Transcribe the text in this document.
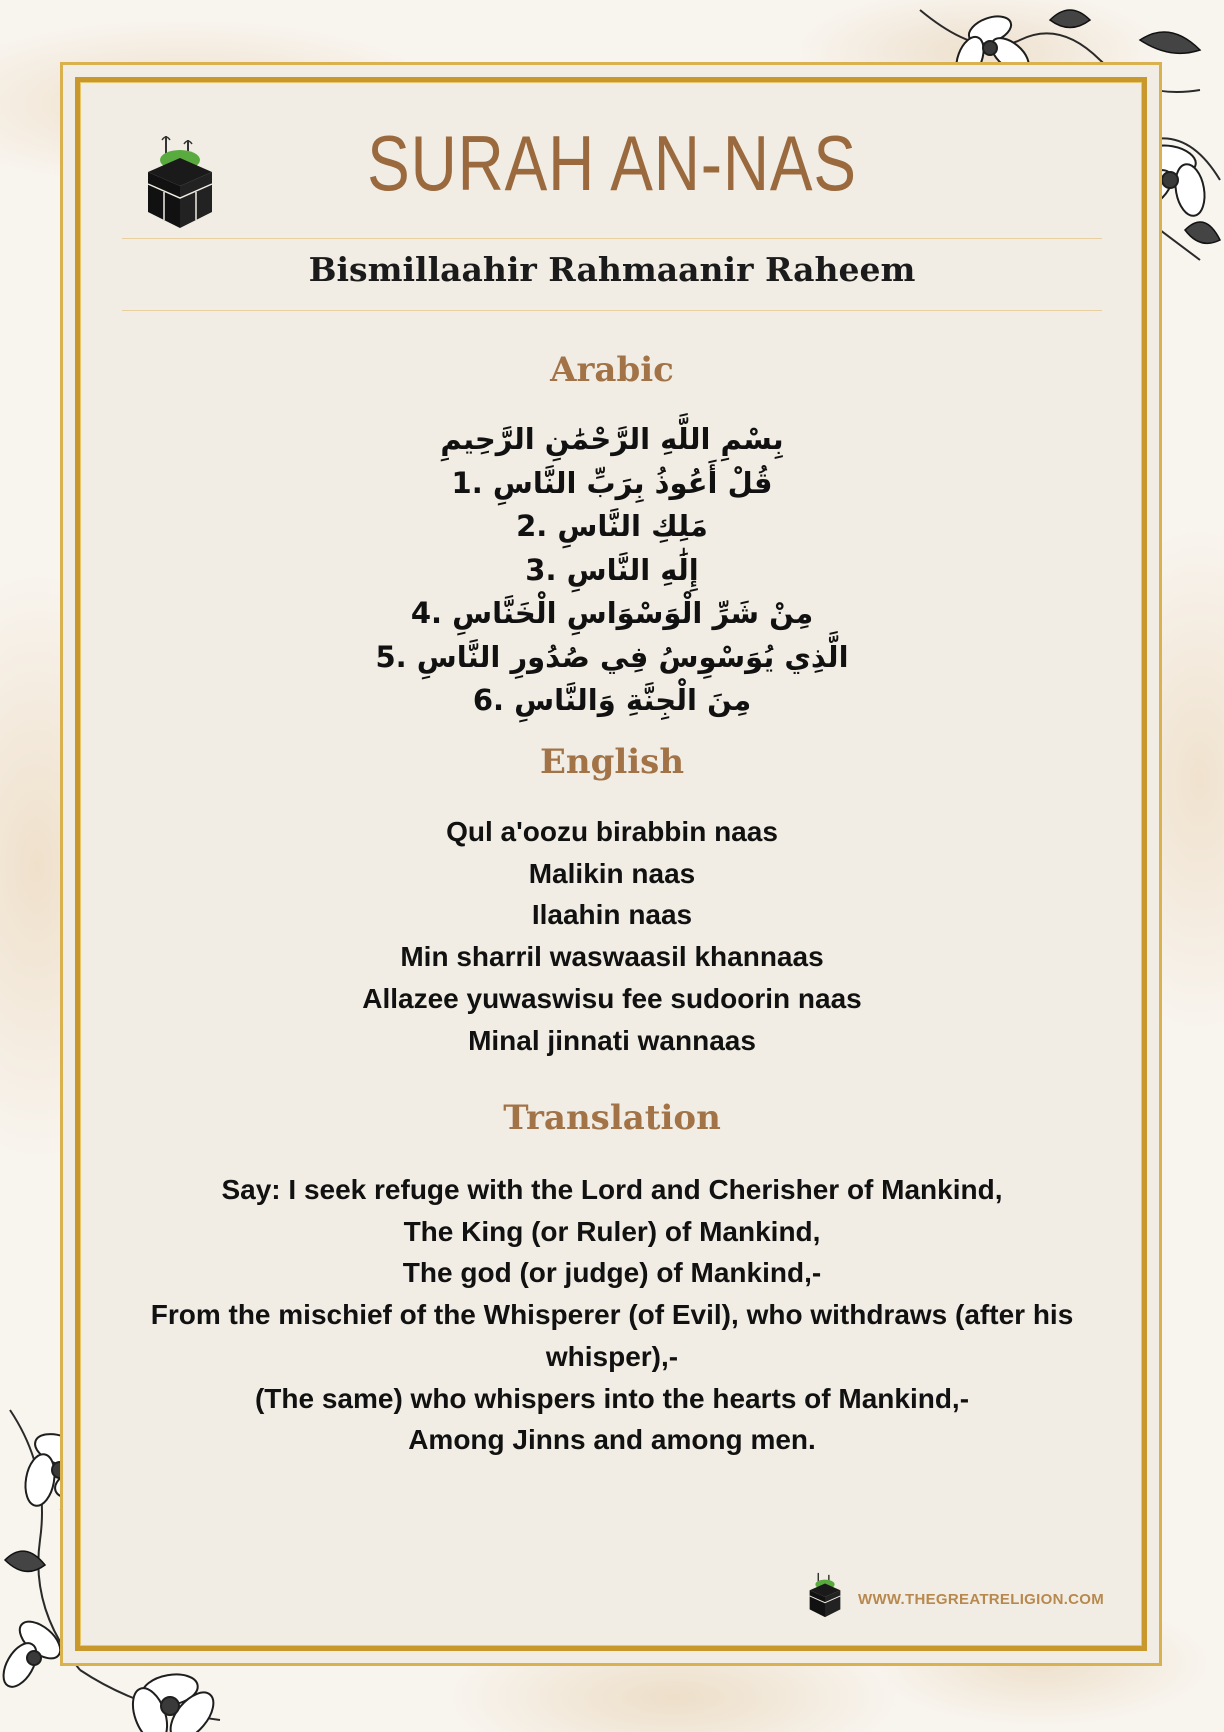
SURAH AN-NAS
Bismillaahir Rahmaanir Raheem
Arabic
بِسْمِ اللَّهِ الرَّحْمَٰنِ الرَّحِيمِ
قُلْ أَعُوذُ بِرَبِّ النَّاسِ .1
مَلِكِ النَّاسِ .2
إِلَٰهِ النَّاسِ .3
مِنْ شَرِّ الْوَسْوَاسِ الْخَنَّاسِ .4
الَّذِي يُوَسْوِسُ فِي صُدُورِ النَّاسِ .5
مِنَ الْجِنَّةِ وَالنَّاسِ .6
English
Qul a'oozu birabbin naas
Malikin naas
Ilaahin naas
Min sharril waswaasil khannaas
Allazee yuwaswisu fee sudoorin naas
Minal jinnati wannaas
Translation
Say: I seek refuge with the Lord and Cherisher of Mankind,
The King (or Ruler) of Mankind,
The god (or judge) of Mankind,-
From the mischief of the Whisperer (of Evil), who withdraws (after his whisper),-
(The same) who whispers into the hearts of Mankind,-
Among Jinns and among men.
WWW.THEGREATRELIGION.COM
